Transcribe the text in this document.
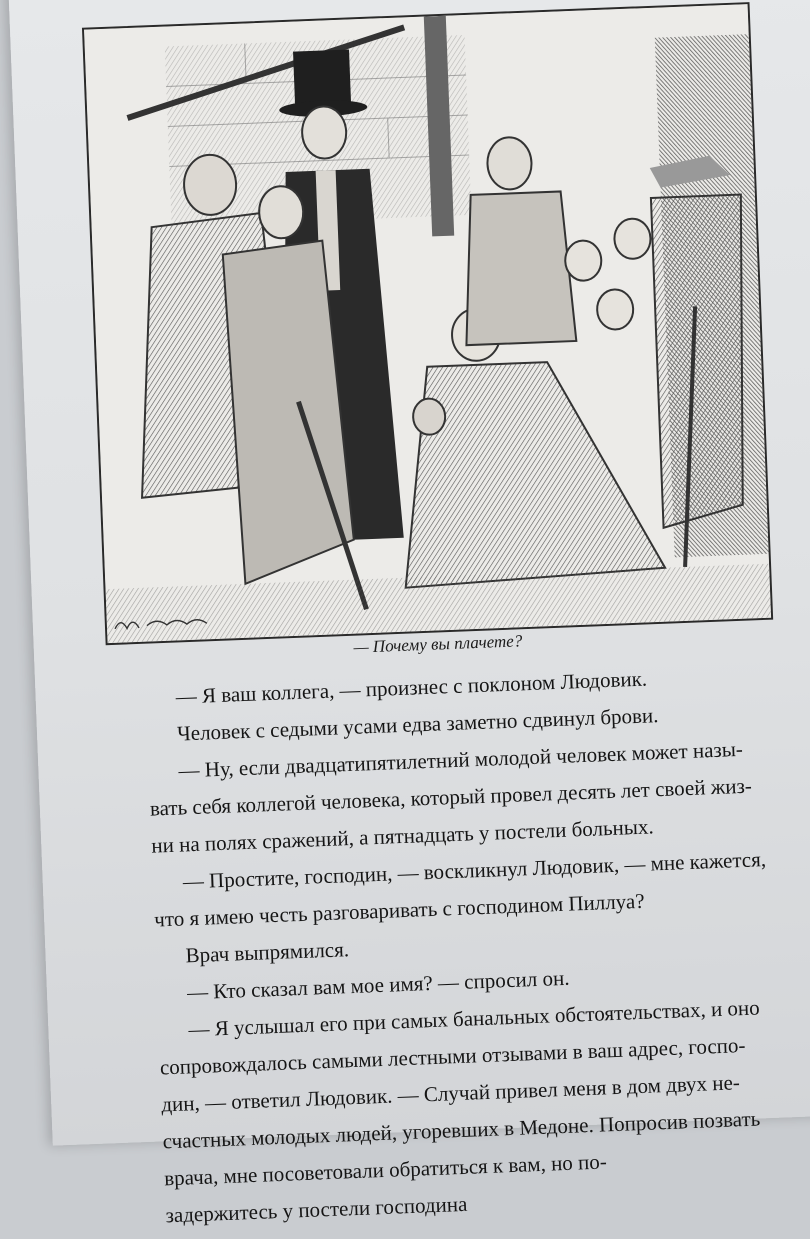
— Почему вы плачете?
— Я ваш коллега, — произнес с поклоном Людовик.
Человек с седыми усами едва заметно сдвинул брови.
— Ну, если двадцатипятилетний молодой человек может назы-
вать себя коллегой человека, который провел десять лет своей жиз-
ни на полях сражений, а пятнадцать у постели больных.
— Простите, господин, — воскликнул Людовик, — мне кажется,
что я имею честь разговаривать с господином Пиллуа?
Врач выпрямился.
— Кто сказал вам мое имя? — спросил он.
— Я услышал его при самых банальных обстоятельствах, и оно
сопровождалось самыми лестными отзывами в ваш адрес, госпо-
дин, — ответил Людовик. — Случай привел меня в дом двух не-
счастных молодых людей, угоревших в Медоне. Попросив позвать
врача, мне посоветовали обратиться к вам, но по-
задержитесь у постели господина
